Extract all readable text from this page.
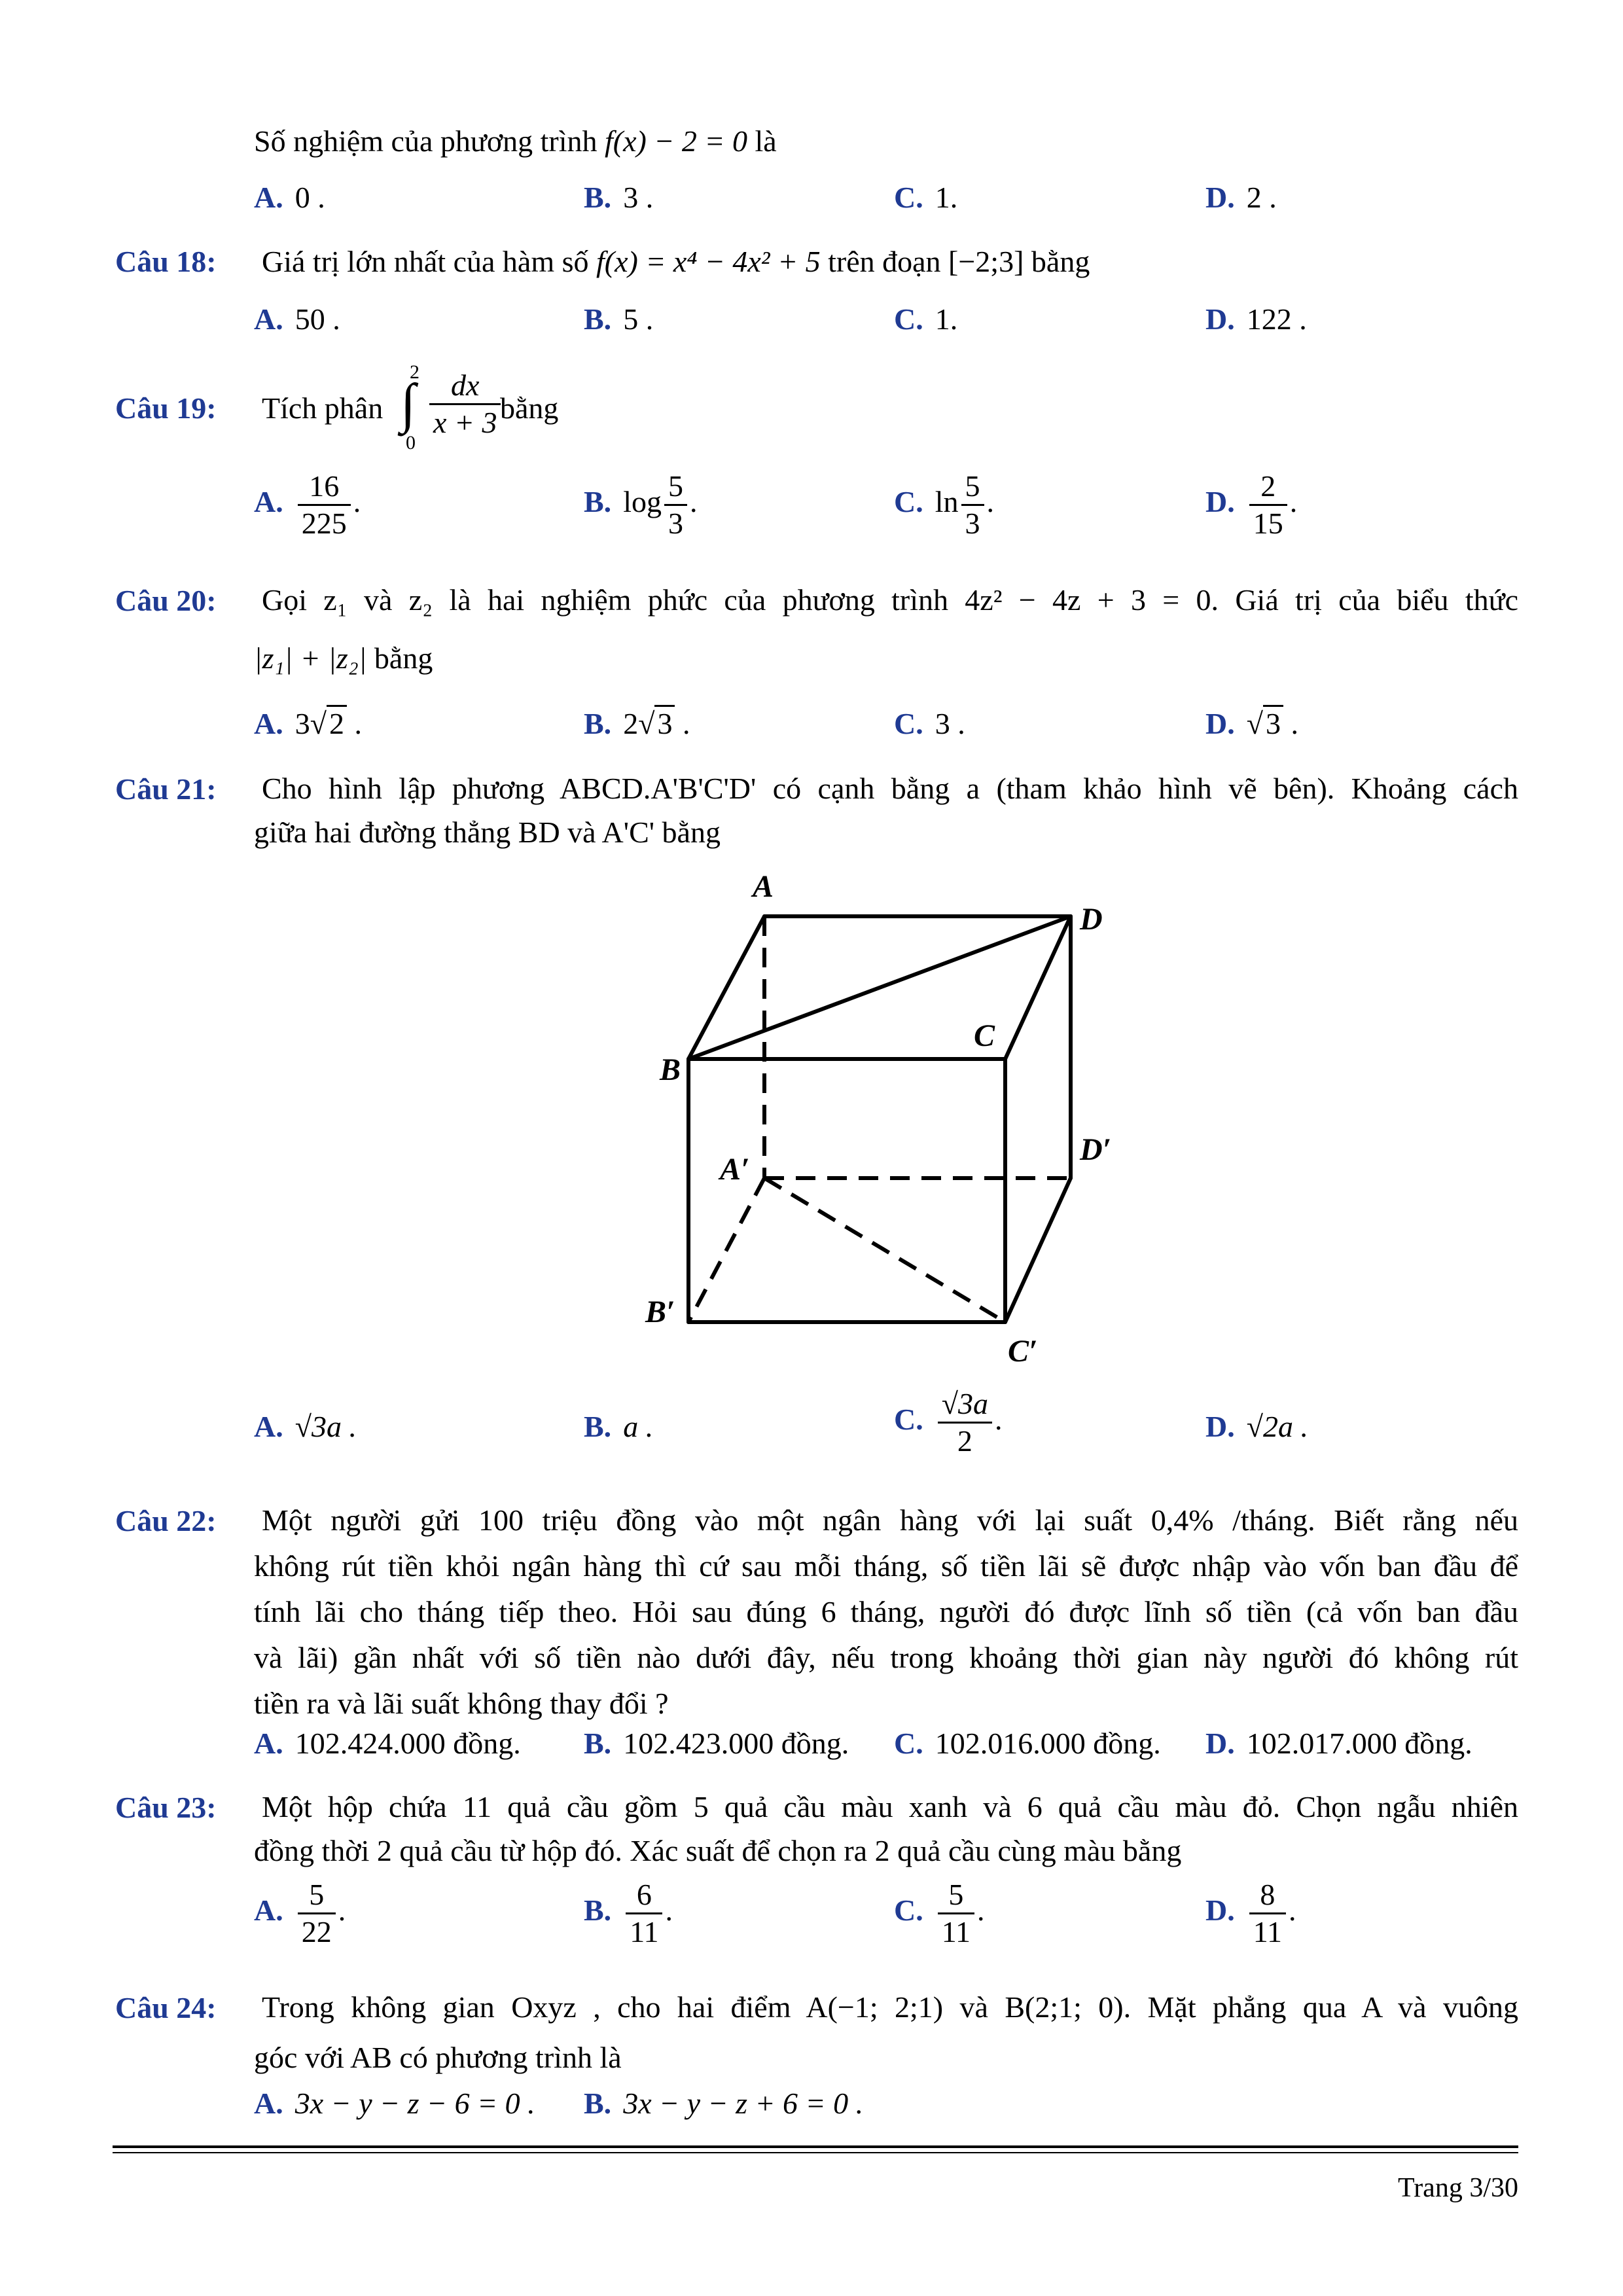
Số nghiệm của phương trình f(x) − 2 = 0 là
A. 0 .	B. 3 .	C. 1.	D. 2 .
Câu 18: Giá trị lớn nhất của hàm số f(x) = x⁴ − 4x² + 5 trên đoạn [−2;3] bằng
A. 50 .	B. 5 .	C. 1.	D. 122 .
Câu 19: Tích phân ∫
2
0
$\frac{dx}{x + 3}$
bằng
A. $\frac{16}{225}$ .	B. $\log \frac{5}{3}$ .	C. $\ln \frac{5}{3}$ .	D. $\frac{2}{15}$ .
Câu 20: Gọi z₁ và z₂ là hai nghiệm phức của phương trình 4z² − 4z + 3 = 0. Giá trị của biểu thức
|z₁| + |z₂| bằng
A. 3√2 .	B. 2√3 .	C. 3 .	D. √3 .
Câu 21: Cho hình lập phương ABCD.A'B'C'D' có cạnh bằng a (tham khảo hình vẽ bên). Khoảng cách
giữa hai đường thẳng BD và A'C' bằng
A
D
C
B
A′
D′
B′
C′
A. √3a .	B. a .	C. $\frac{√3a}{2}$ .	D. √2a .
Câu 22: Một người gửi 100 triệu đồng vào một ngân hàng với lại suất 0,4% /tháng. Biết rằng nếu
không rút tiền khỏi ngân hàng thì cứ sau mỗi tháng, số tiền lãi sẽ được nhập vào vốn ban đầu để
tính lãi cho tháng tiếp theo. Hỏi sau đúng 6 tháng, người đó được lĩnh số tiền (cả vốn ban đầu
và lãi) gần nhất với số tiền nào dưới đây, nếu trong khoảng thời gian này người đó không rút
tiền ra và lãi suất không thay đổi ?
A. 102.424.000 đồng. B. 102.423.000 đồng. C. 102.016.000 đồng. D. 102.017.000 đồng.
Câu 23: Một hộp chứa 11 quả cầu gồm 5 quả cầu màu xanh và 6 quả cầu màu đỏ. Chọn ngẫu nhiên
đồng thời 2 quả cầu từ hộp đó. Xác suất để chọn ra 2 quả cầu cùng màu bằng
A. $\frac{5}{22}$ .	B. $\frac{6}{11}$ .	C. $\frac{5}{11}$ .	D. $\frac{8}{11}$ .
Câu 24: Trong không gian Oxyz , cho hai điểm A(−1; 2;1) và B(2;1; 0). Mặt phẳng qua A và vuông
góc với AB có phương trình là
A. 3x − y − z − 6 = 0 . B. 3x − y − z + 6 = 0 .
Trang 3/30
